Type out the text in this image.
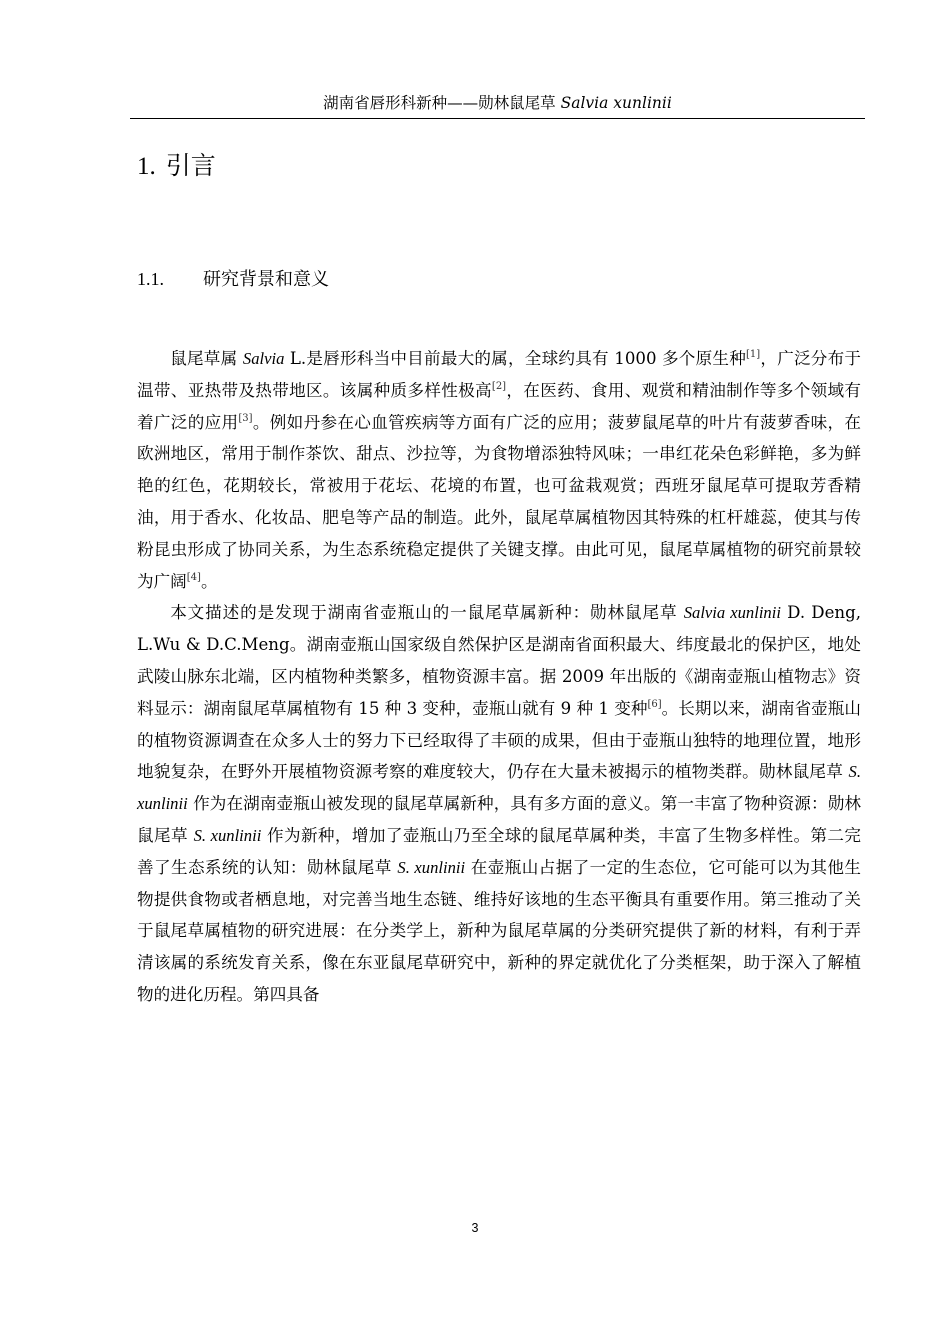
湖南省唇形科新种——勋林鼠尾草 Salvia xunlinii
1. 引言
1.1. 研究背景和意义

鼠尾草属 Salvia L.是唇形科当中目前最大的属，全球约具有 1000 多个原生种[1]，广泛分布于温带、亚热带及热带地区。该属种质多样性极高[2]，在医药、食用、观赏和精油制作等多个领域有着广泛的应用[3]。例如丹参在心血管疾病等方面有广泛的应用；菠萝鼠尾草的叶片有菠萝香味，在欧洲地区，常用于制作茶饮、甜点、沙拉等，为食物增添独特风味；一串红花朵色彩鲜艳，多为鲜艳的红色，花期较长，常被用于花坛、花境的布置，也可盆栽观赏；西班牙鼠尾草可提取芳香精油，用于香水、化妆品、肥皂等产品的制造。此外，鼠尾草属植物因其特殊的杠杆雄蕊，使其与传粉昆虫形成了协同关系，为生态系统稳定提供了关键支撑。由此可见，鼠尾草属植物的研究前景较为广阔[4]。

本文描述的是发现于湖南省壶瓶山的一鼠尾草属新种：勋林鼠尾草 Salvia xunlinii D. Deng, L.Wu & D.C.Meng。湖南壶瓶山国家级自然保护区是湖南省面积最大、纬度最北的保护区，地处武陵山脉东北端，区内植物种类繁多，植物资源丰富。据 2009 年出版的《湖南壶瓶山植物志》资料显示：湖南鼠尾草属植物有 15 种 3 变种，壶瓶山就有 9 种 1 变种[6]。长期以来，湖南省壶瓶山的植物资源调查在众多人士的努力下已经取得了丰硕的成果，但由于壶瓶山独特的地理位置，地形地貌复杂，在野外开展植物资源考察的难度较大，仍存在大量未被揭示的植物类群。勋林鼠尾草 S. xunlinii 作为在湖南壶瓶山被发现的鼠尾草属新种，具有多方面的意义。第一丰富了物种资源：勋林鼠尾草 S. xunlinii 作为新种，增加了壶瓶山乃至全球的鼠尾草属种类，丰富了生物多样性。第二完善了生态系统的认知：勋林鼠尾草 S. xunlinii 在壶瓶山占据了一定的生态位，它可能可以为其他生物提供食物或者栖息地，对完善当地生态链、维持好该地的生态平衡具有重要作用。第三推动了关于鼠尾草属植物的研究进展：在分类学上，新种为鼠尾草属的分类研究提供了新的材料，有利于弄清该属的系统发育关系，像在东亚鼠尾草研究中，新种的界定就优化了分类框架，助于深入了解植物的进化历程。第四具备

3
